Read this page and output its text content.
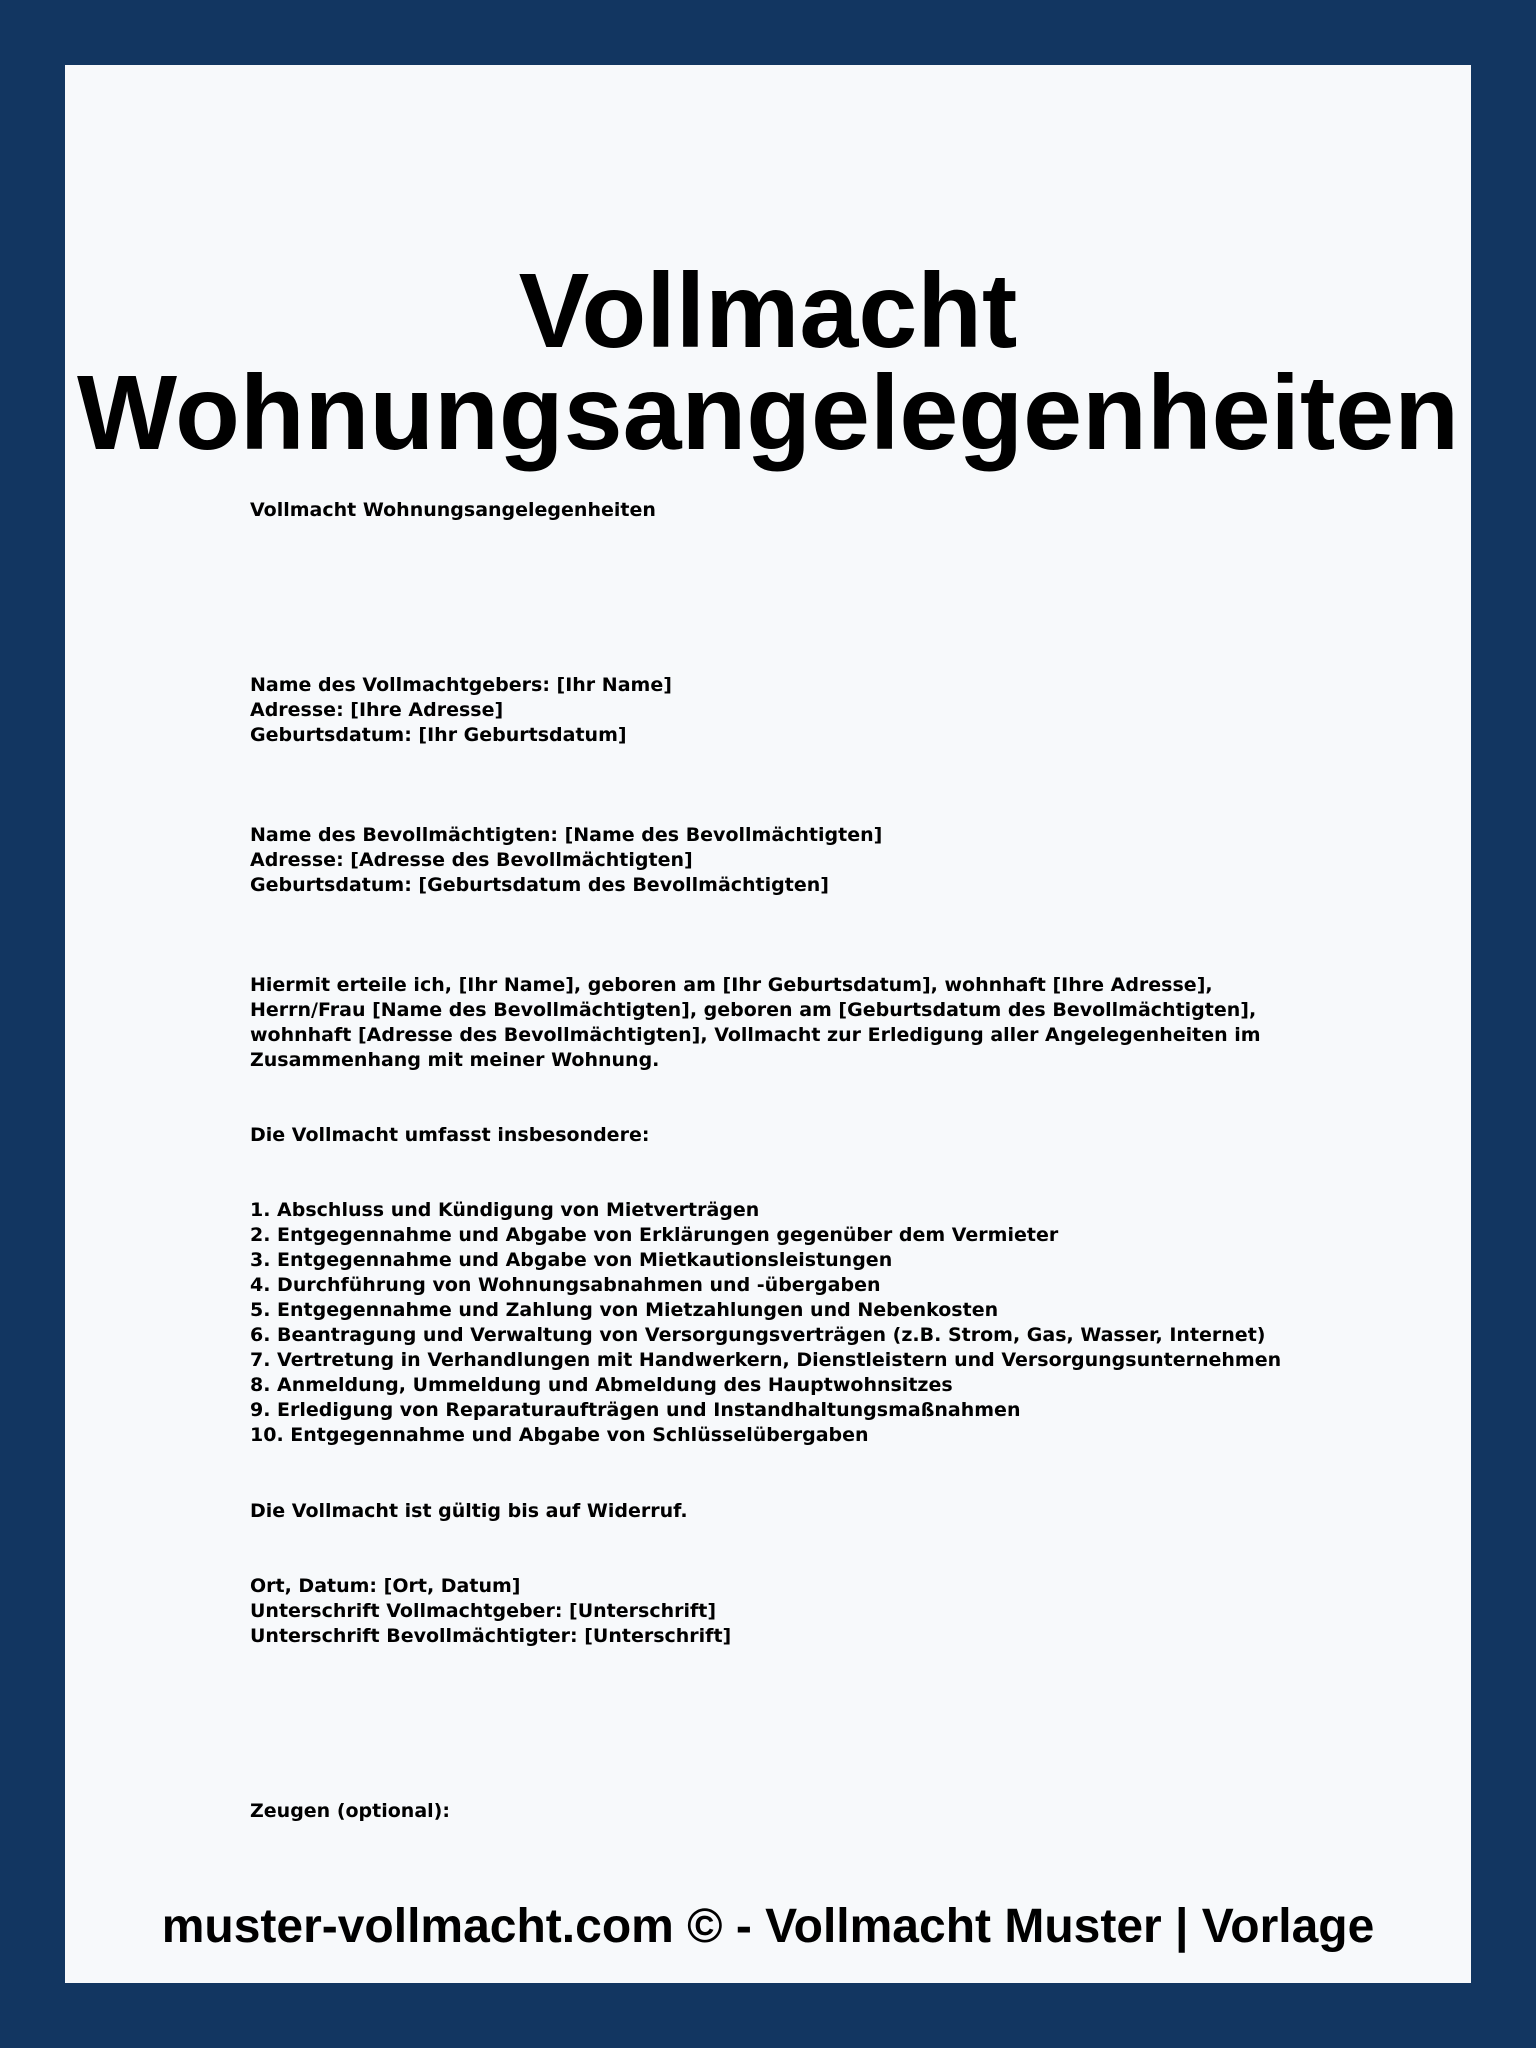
Vollmacht
Wohnungsangelegenheiten

Vollmacht Wohnungsangelegenheiten

Name des Vollmachtgebers: [Ihr Name]

Adresse: [Ihre Adresse]

Geburtsdatum: [Ihr Geburtsdatum]

Name des Bevollmächtigten: [Name des Bevollmächtigten]

Adresse: [Adresse des Bevollmächtigten]

Geburtsdatum: [Geburtsdatum des Bevollmächtigten]

Hiermit erteile ich, [Ihr Name], geboren am [Ihr Geburtsdatum], wohnhaft [Ihre Adresse], Herrn/Frau [Name des Bevollmächtigten], geboren am [Geburtsdatum des Bevollmächtigten], wohnhaft [Adresse des Bevollmächtigten], Vollmacht zur Erledigung aller Angelegenheiten im Zusammenhang mit meiner Wohnung.

Die Vollmacht umfasst insbesondere:

1. Abschluss und Kündigung von Mietverträgen
2. Entgegennahme und Abgabe von Erklärungen gegenüber dem Vermieter
3. Entgegennahme und Abgabe von Mietkautionsleistungen
4. Durchführung von Wohnungsabnahmen und -übergaben
5. Entgegennahme und Zahlung von Mietzahlungen und Nebenkosten
6. Beantragung und Verwaltung von Versorgungsverträgen (z.B. Strom, Gas, Wasser, Internet)
7. Vertretung in Verhandlungen mit Handwerkern, Dienstleistern und Versorgungsunternehmen
8. Anmeldung, Ummeldung und Abmeldung des Hauptwohnsitzes
9. Erledigung von Reparaturaufträgen und Instandhaltungsmaßnahmen
10. Entgegennahme und Abgabe von Schlüsselübergaben

Die Vollmacht ist gültig bis auf Widerruf.

Ort, Datum: [Ort, Datum]

Unterschrift Vollmachtgeber: [Unterschrift]

Unterschrift Bevollmächtigter: [Unterschrift]

Zeugen (optional):

muster-vollmacht.com © - Vollmacht Muster | Vorlage
